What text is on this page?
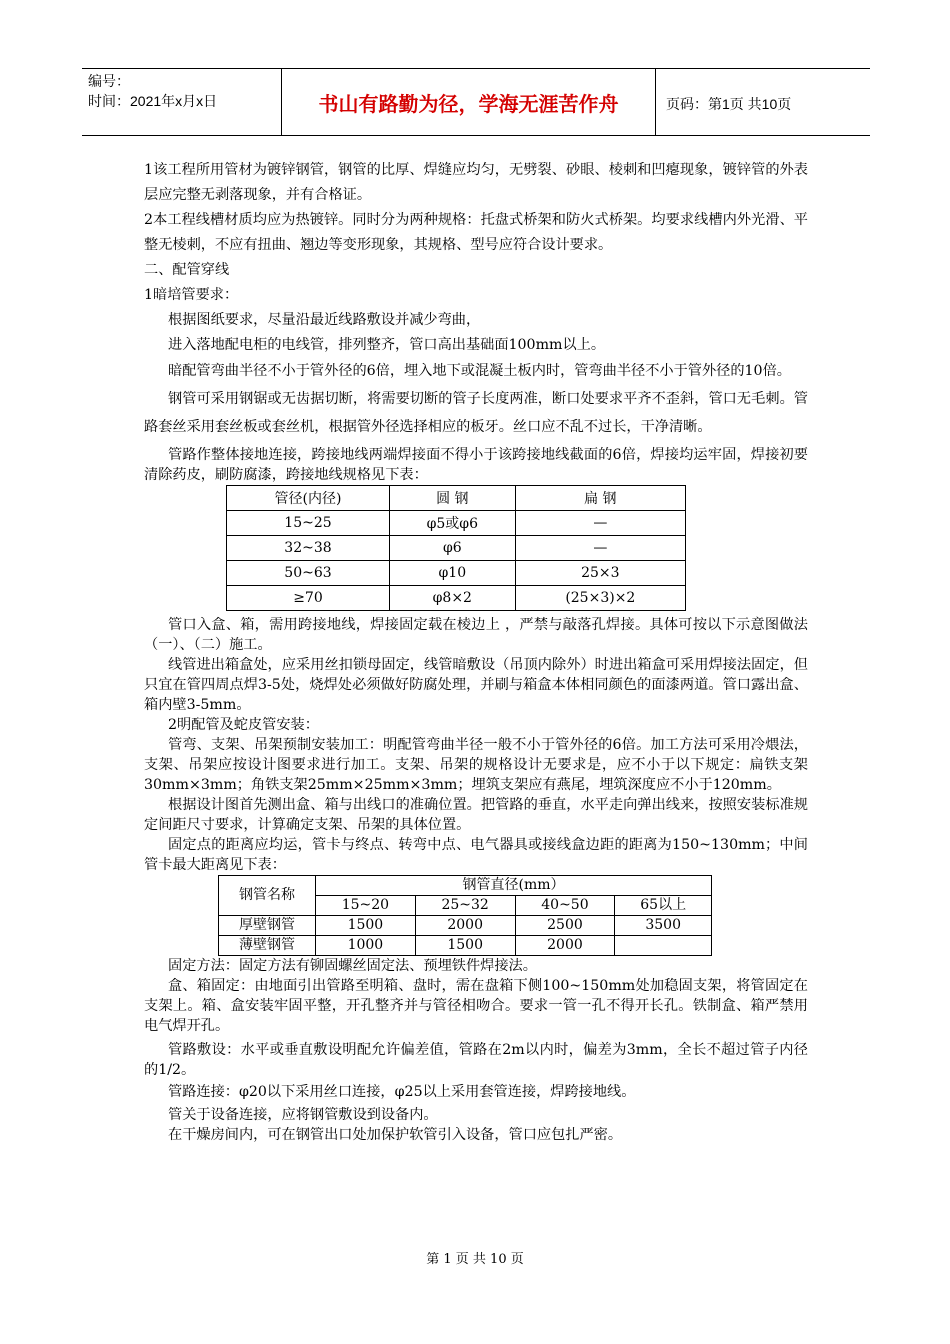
编号：
时间：2021年x月x日	书山有路勤为径，学海无涯苦作舟	页码：第1页 共10页

1该工程所用管材为镀锌钢管，钢管的比厚、焊缝应均匀，无劈裂、砂眼、棱刺和凹瘪现象，镀锌管的外表层应完整无剥落现象，并有合格证。

2本工程线槽材质均应为热镀锌。同时分为两种规格：托盘式桥架和防火式桥架。均要求线槽内外光滑、平整无棱刺，不应有扭曲、翘边等变形现象，其规格、型号应符合设计要求。

二、配管穿线

1暗培管要求：

根据图纸要求，尽量沿最近线路敷设并减少弯曲，

进入落地配电柜的电线管，排列整齐，管口高出基础面100mm以上。

暗配管弯曲半径不小于管外径的6倍，埋入地下或混凝土板内时，管弯曲半径不小于管外径的10倍。

钢管可采用钢锯或无齿据切断，将需要切断的管子长度两准，断口处要求平齐不歪斜，管口无毛刺。管路套丝采用套丝板或套丝机，根据管外径选择相应的板牙。丝口应不乱不过长，干净清晰。

管路作整体接地连接，跨接地线两端焊接面不得小于该跨接地线截面的6倍，焊接均运牢固，焊接初要清除药皮，刷防腐漆，跨接地线规格见下表：

管径(内径)	圆 钢	扁 钢
15~25	φ5或φ6	—
32~38	φ6	—
50~63	φ10	25×3
≥70	φ8×2	(25×3)×2

管口入盒、箱，需用跨接地线，焊接固定载在棱边上 ，严禁与敲落孔焊接。具体可按以下示意图做法（一）、（二）施工。

线管进出箱盒处，应采用丝扣锁母固定，线管暗敷设（吊顶内除外）时进出箱盒可采用焊接法固定，但只宜在管四周点焊3-5处，烧焊处必须做好防腐处理，并刷与箱盒本体相同颜色的面漆两道。管口露出盒、箱内壁3-5mm。

2明配管及蛇皮管安装：

管弯、支架、吊架预制安装加工：明配管弯曲半径一般不小于管外径的6倍。加工方法可采用冷煨法，支架、吊架应按设计图要求进行加工。支架、吊架的规格设计无要求是，应不小于以下规定：扁铁支架30mm×3mm；角铁支架25mm×25mm×3mm；埋筑支架应有燕尾，埋筑深度应不小于120mm。

根据设计图首先测出盒、箱与出线口的准确位置。把管路的垂直，水平走向弹出线来，按照安装标准规定间距尺寸要求，计算确定支架、吊架的具体位置。

固定点的距离应均运，管卡与终点、转弯中点、电气器具或接线盒边距的距离为150~130mm；中间管卡最大距离见下表：

钢管名称	钢管直径(mm）			
	15~20	25~32	40~50	65以上
厚壁钢管	1500	2000	2500	3500
薄壁钢管	1000	1500	2000	

固定方法：固定方法有铆固螺丝固定法、预埋铁件焊接法。

盒、箱固定：由地面引出管路至明箱、盘时，需在盘箱下侧100~150mm处加稳固支架，将管固定在支架上。箱、盒安装牢固平整，开孔整齐并与管径相吻合。要求一管一孔不得开长孔。铁制盒、箱严禁用电气焊开孔。

管路敷设：水平或垂直敷设明配允许偏差值，管路在2m以内时，偏差为3mm，全长不超过管子内径的1/2。

管路连接：φ20以下采用丝口连接，φ25以上采用套管连接，焊跨接地线。

管关于设备连接，应将钢管敷设到设备内。

在干燥房间内，可在钢管出口处加保护软管引入设备，管口应包扎严密。

第 1 页 共 10 页
